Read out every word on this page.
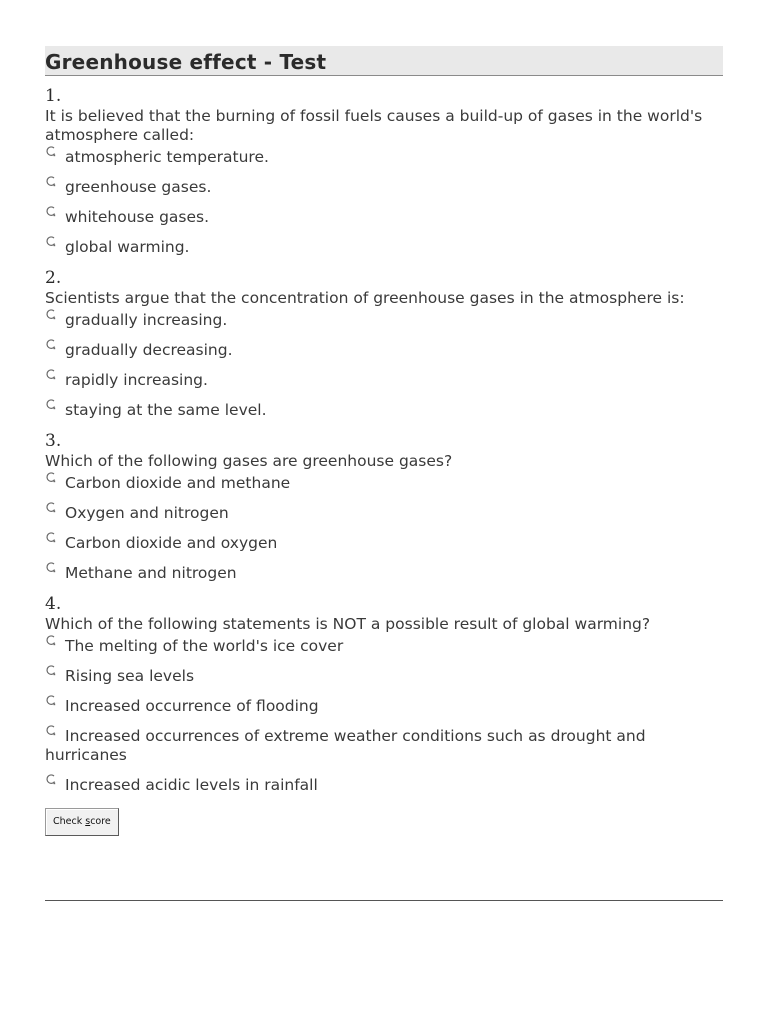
Greenhouse effect - Test
1.
It is believed that the burning of fossil fuels causes a build-up of gases in the world's atmosphere called:
atmospheric temperature.
greenhouse gases.
whitehouse gases.
global warming.
2.
Scientists argue that the concentration of greenhouse gases in the atmosphere is:
gradually increasing.
gradually decreasing.
rapidly increasing.
staying at the same level.
3.
Which of the following gases are greenhouse gases?
Carbon dioxide and methane
Oxygen and nitrogen
Carbon dioxide and oxygen
Methane and nitrogen
4.
Which of the following statements is NOT a possible result of global warming?
The melting of the world's ice cover
Rising sea levels
Increased occurrence of flooding
Increased occurrences of extreme weather conditions such as drought and hurricanes
Increased acidic levels in rainfall
Check score
